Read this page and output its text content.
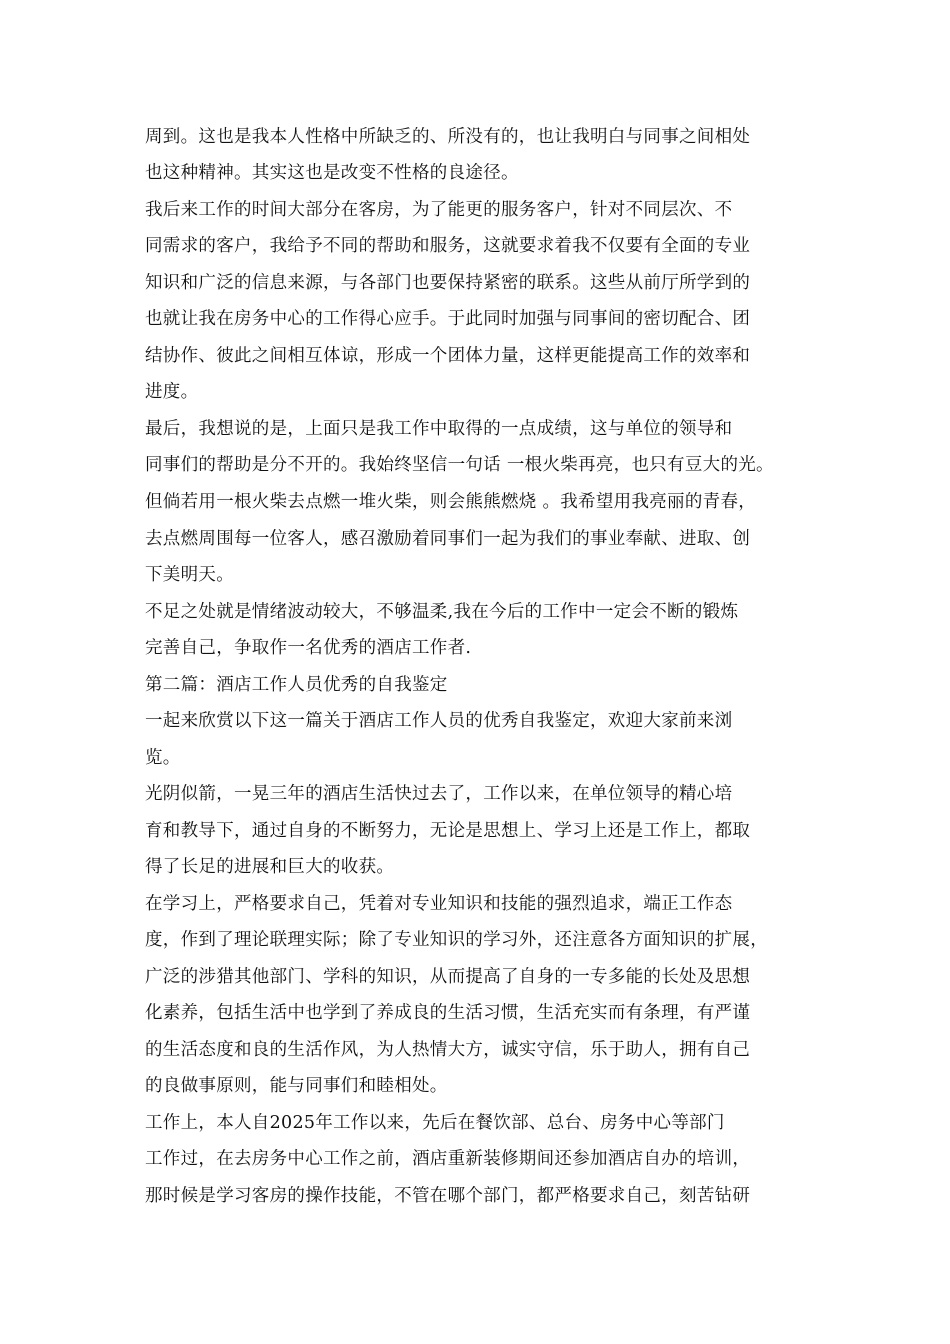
周到。这也是我本人性格中所缺乏的、所没有的，也让我明白与同事之间相处
也这种精神。其实这也是改变不性格的良途径。
我后来工作的时间大部分在客房，为了能更的服务客户，针对不同层次、不
同需求的客户，我给予不同的帮助和服务，这就要求着我不仅要有全面的专业
知识和广泛的信息来源，与各部门也要保持紧密的联系。这些从前厅所学到的
也就让我在房务中心的工作得心应手。于此同时加强与同事间的密切配合、团
结协作、彼此之间相互体谅，形成一个团体力量，这样更能提高工作的效率和
进度。
最后，我想说的是，上面只是我工作中取得的一点成绩，这与单位的领导和
同事们的帮助是分不开的。我始终坚信一句话 一根火柴再亮，也只有豆大的光。
但倘若用一根火柴去点燃一堆火柴，则会熊熊燃烧 。我希望用我亮丽的青春，
去点燃周围每一位客人，感召激励着同事们一起为我们的事业奉献、进取、创
下美明天。
不足之处就是情绪波动较大，不够温柔,我在今后的工作中一定会不断的锻炼
完善自己，争取作一名优秀的酒店工作者.
第二篇：酒店工作人员优秀的自我鉴定
一起来欣赏以下这一篇关于酒店工作人员的优秀自我鉴定，欢迎大家前来浏
览。
光阴似箭，一晃三年的酒店生活快过去了，工作以来，在单位领导的精心培
育和教导下，通过自身的不断努力，无论是思想上、学习上还是工作上，都取
得了长足的进展和巨大的收获。
在学习上，严格要求自己，凭着对专业知识和技能的强烈追求，端正工作态
度，作到了理论联理实际；除了专业知识的学习外，还注意各方面知识的扩展，
广泛的涉猎其他部门、学科的知识，从而提高了自身的一专多能的长处及思想
化素养，包括生活中也学到了养成良的生活习惯，生活充实而有条理，有严谨
的生活态度和良的生活作风，为人热情大方，诚实守信，乐于助人，拥有自己
的良做事原则，能与同事们和睦相处。
工作上，本人自2025年工作以来，先后在餐饮部、总台、房务中心等部门
工作过，在去房务中心工作之前，酒店重新装修期间还参加酒店自办的培训，
那时候是学习客房的操作技能，不管在哪个部门，都严格要求自己，刻苦钻研
